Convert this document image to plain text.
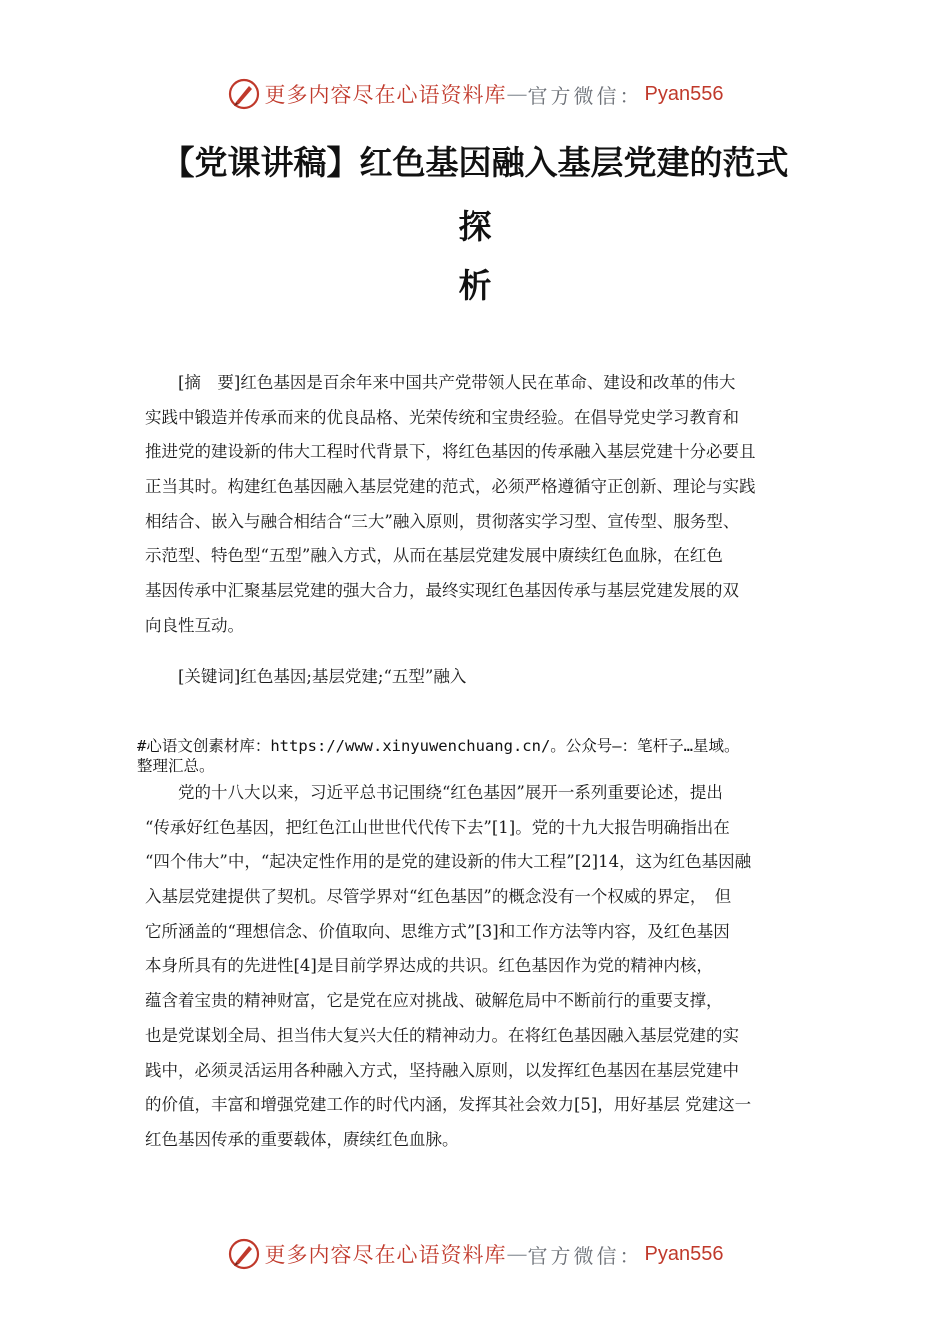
更多内容尽在心语资料库 — 官方微信： Pyan556
【党课讲稿】红色基因融入基层党建的范式
探
析
[摘　要]红色基因是百余年来中国共产党带领人民在革命、建设和改革的伟大
实践中锻造并传承而来的优良品格、光荣传统和宝贵经验。在倡导党史学习教育和
推进党的建设新的伟大工程时代背景下，将红色基因的传承融入基层党建十分必要且
正当其时。构建红色基因融入基层党建的范式，必须严格遵循守正创新、理论与实践
相结合、嵌入与融合相结合“三大”融入原则，贯彻落实学习型、宣传型、服务型、
示范型、特色型“五型”融入方式，从而在基层党建发展中赓续红色血脉，在红色
基因传承中汇聚基层党建的强大合力，最终实现红色基因传承与基层党建发展的双
向良性互动。
[关键词]红色基因;基层党建;“五型”融入
#心语文创素材库：https://www.xinyuwenchuang.cn/。公众号—：笔杆子…星域。
整理汇总。
党的十八大以来，习近平总书记围绕“红色基因”展开一系列重要论述，提出
“传承好红色基因，把红色江山世世代代传下去”[1]。党的十九大报告明确指出在
“四个伟大”中，“起决定性作用的是党的建设新的伟大工程”[2]14，这为红色基因融
入基层党建提供了契机。尽管学界对“红色基因”的概念没有一个权威的界定，　但
它所涵盖的“理想信念、价值取向、思维方式”[3]和工作方法等内容，及红色基因
本身所具有的先进性[4]是目前学界达成的共识。红色基因作为党的精神内核，
蕴含着宝贵的精神财富，它是党在应对挑战、破解危局中不断前行的重要支撑，
也是党谋划全局、担当伟大复兴大任的精神动力。在将红色基因融入基层党建的实
践中，必须灵活运用各种融入方式，坚持融入原则，以发挥红色基因在基层党建中
的价值，丰富和增强党建工作的时代内涵，发挥其社会效力[5]，用好基层 党建这一
红色基因传承的重要载体，赓续红色血脉。
更多内容尽在心语资料库 — 官方微信： Pyan556
